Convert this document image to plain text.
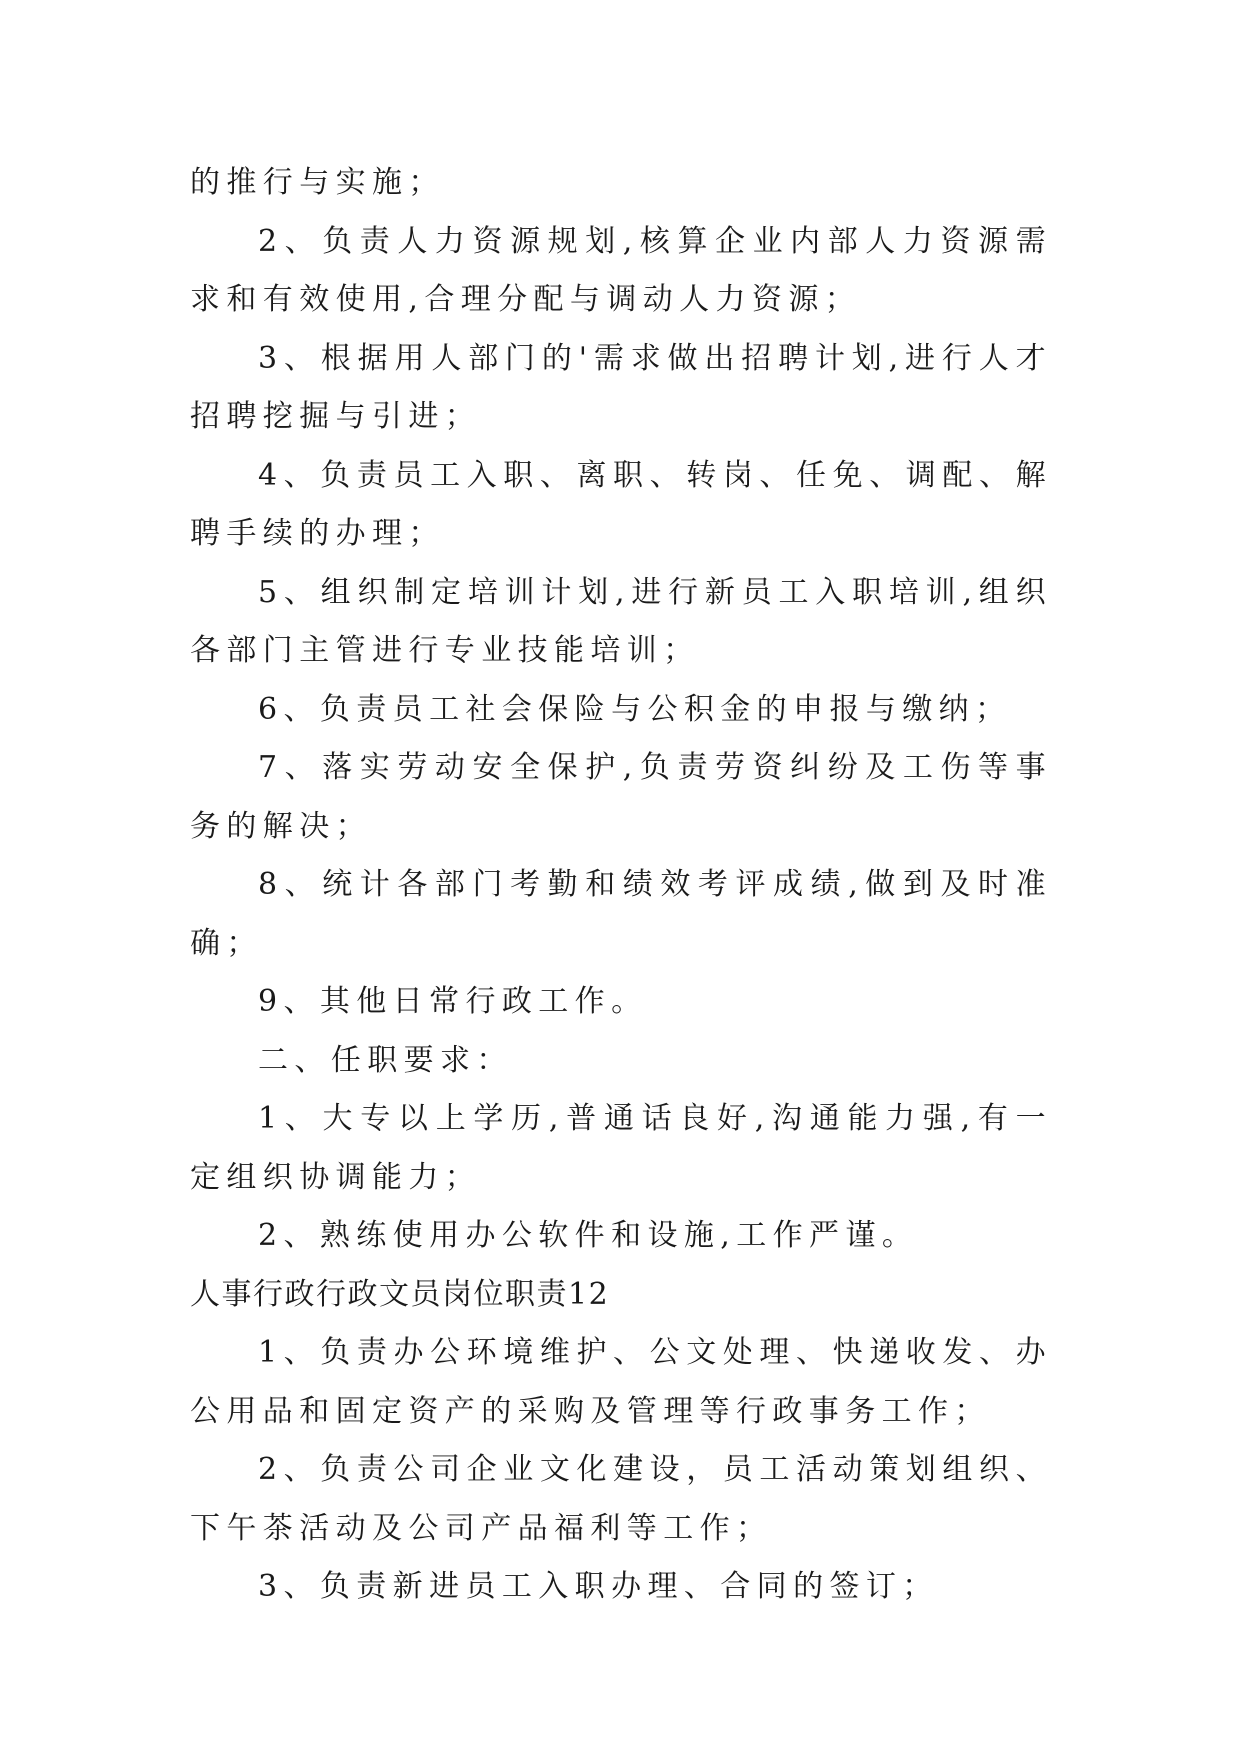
的推行与实施；

2、负责人力资源规划,核算企业内部人力资源需求和有效使用,合理分配与调动人力资源；

3、根据用人部门的'需求做出招聘计划,进行人才招聘挖掘与引进；

4、负责员工入职、离职、转岗、任免、调配、解聘手续的办理；

5、组织制定培训计划,进行新员工入职培训,组织各部门主管进行专业技能培训；

6、负责员工社会保险与公积金的申报与缴纳；

7、落实劳动安全保护,负责劳资纠纷及工伤等事务的解决；

8、统计各部门考勤和绩效考评成绩,做到及时准确；

9、其他日常行政工作。

二、任职要求：

1、大专以上学历,普通话良好,沟通能力强,有一定组织协调能力；

2、熟练使用办公软件和设施,工作严谨。

人事行政行政文员岗位职责12

1、负责办公环境维护、公文处理、快递收发、办公用品和固定资产的采购及管理等行政事务工作；

2、负责公司企业文化建设，员工活动策划组织、下午茶活动及公司产品福利等工作；

3、负责新进员工入职办理、合同的签订；
